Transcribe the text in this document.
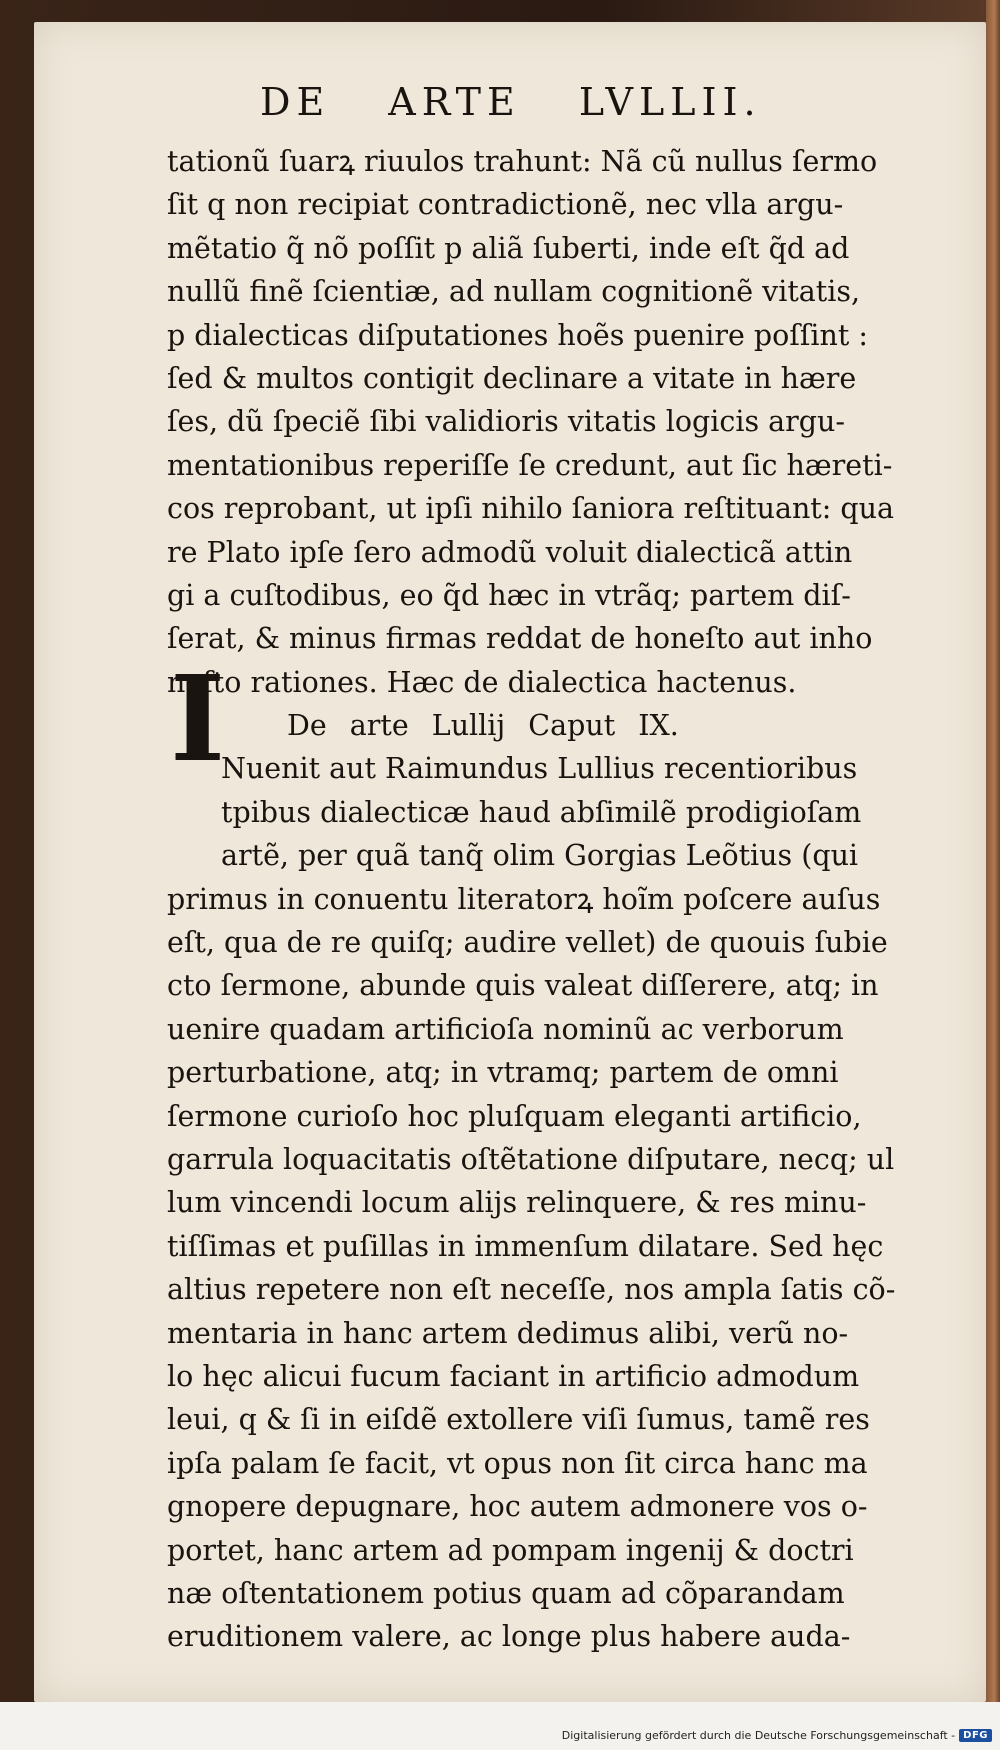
DE ARTE LVLLII.
I
tationũ ſuarꝝ riuulos trahunt: Nã cũ nullus ſermo
ſit q non recipiat contradictionẽ, nec vlla argu-
mẽtatio q̃ nõ poſſit p aliã ſuberti, inde eſt q̃d ad
nullũ finẽ ſcientiæ, ad nullam cognitionẽ vitatis,
p dialecticas diſputationes hoẽs puenire poſſint :
ſed & multos contigit declinare a vitate in hære
ſes, dũ ſpeciẽ ſibi validioris vitatis logicis argu-
mentationibus reperiſſe ſe credunt, aut ſic hæreti-
cos reprobant, ut ipſi nihilo ſaniora reſtituant: qua
re Plato ipſe ſero admodũ voluit dialecticã attin
gi a cuſtodibus, eo q̃d hæc in vtrãq; partem diſ-
ſerat, & minus firmas reddat de honeſto aut inho
neſto rationes. Hæc de dialectica hactenus.
De arte Lullij Caput IX.
Nuenit aut Raimundus Lullius recentioribus
tpibus dialecticæ haud abſimilẽ prodigioſam
artẽ, per quã tanq̃ olim Gorgias Leõtius (qui
primus in conuentu literatorꝝ hoĩm poſcere auſus
eſt, qua de re quiſq; audire vellet) de quouis ſubie
cto ſermone, abunde quis valeat diſſerere, atq; in
uenire quadam artificioſa nominũ ac verborum
perturbatione, atq; in vtramq; partem de omni
ſermone curioſo hoc pluſquam eleganti artificio,
garrula loquacitatis oſtẽtatione diſputare, necq; ul
lum vincendi locum alijs relinquere, & res minu-
tiſſimas et puſillas in immenſum dilatare. Sed hęc
altius repetere non eſt neceſſe, nos ampla ſatis cõ-
mentaria in hanc artem dedimus alibi, verũ no-
lo hęc alicui fucum faciant in artificio admodum
leui, q & ſi in eiſdẽ extollere viſi ſumus, tamẽ res
ipſa palam ſe facit, vt opus non ſit circa hanc ma
gnopere depugnare, hoc autem admonere vos o-
portet, hanc artem ad pompam ingenij & doctri
næ oſtentationem potius quam ad cõparandam
eruditionem valere, ac longe plus habere auda-
Digitalisierung gefördert durch die Deutsche Forschungsgemeinschaft - DFG
